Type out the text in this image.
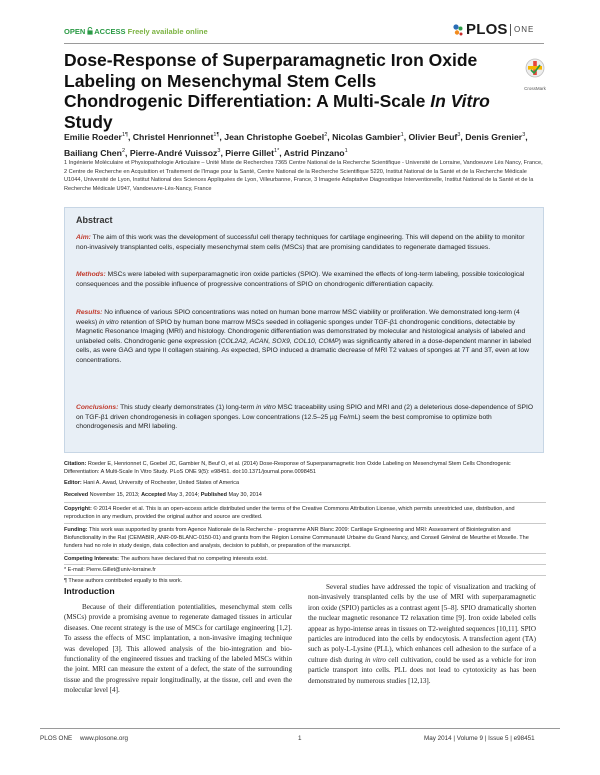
OPEN ACCESS Freely available online	PLOS ONE
Dose-Response of Superparamagnetic Iron Oxide Labeling on Mesenchymal Stem Cells Chondrogenic Differentiation: A Multi-Scale In Vitro Study
CrossMark
Emilie Roeder$^{1\P}$, Christel Henrionnet$^{1\P}$, Jean Christophe Goebel$^2$, Nicolas Gambier$^1$, Olivier Beuf$^3$, Denis Grenier$^3$, Bailiang Chen$^2$, Pierre-André Vuissoz$^3$, Pierre Gillet$^{1*}$, Astrid Pinzano$^1$
1 Ingénierie Moléculaire et Physiopathologie Articulaire – Unité Mixte de Recherches 7365 Centre National de la Recherche Scientifique - Université de Lorraine, Vandoeuvre Lès Nancy, France, 2 Centre de Recherche en Acquisition et Traitement de l'Image pour la Santé, Centre National de la Recherche Scientifique 5220, Institut National de la Santé et de la Recherche Médicale U1044, Université de Lyon, Institut National des Sciences Appliquées de Lyon, Villeurbanne, France, 3 Imagerie Adaptative Diagnostique Interventionelle, Institut National de la Santé et de la Recherche Médicale U947, Vandoeuvre-Lès-Nancy, France
Abstract

Aim: The aim of this work was the development of successful cell therapy techniques for cartilage engineering. This will depend on the ability to monitor non-invasively transplanted cells, especially mesenchymal stem cells (MSCs) that are promising candidates to regenerate damaged tissues.

Methods: MSCs were labeled with superparamagnetic iron oxide particles (SPIO). We examined the effects of long-term labeling, possible toxicological consequences and the possible influence of progressive concentrations of SPIO on chondrogenic differentiation capacity.

Results: No influence of various SPIO concentrations was noted on human bone marrow MSC viability or proliferation. We demonstrated long-term (4 weeks) in vitro retention of SPIO by human bone marrow MSCs seeded in collagenic sponges under TGF-β1 chondrogenic conditions, detectable by Magnetic Resonance Imaging (MRI) and histology. Chondrogenic differentiation was demonstrated by molecular and histological analysis of labeled and unlabeled cells. Chondrogenic gene expression (COL2A2, ACAN, SOX9, COL10, COMP) was significantly altered in a dose-dependent manner in labeled cells, as were GAG and type II collagen staining. As expected, SPIO induced a dramatic decrease of MRI T2 values of sponges at 7T and 3T, even at low concentrations.

Conclusions: This study clearly demonstrates (1) long-term in vitro MSC traceability using SPIO and MRI and (2) a deleterious dose-dependence of SPIO on TGF-β1 driven chondrogenesis in collagen sponges. Low concentrations (12.5–25 µg Fe/mL) seem the best compromise to optimize both chondrogenesis and MRI labeling.

Citation: Roeder E, Henrionnet C, Goebel JC, Gambier N, Beuf O, et al. (2014) Dose-Response of Superparamagnetic Iron Oxide Labeling on Mesenchymal Stem Cells Chondrogenic Differentiation: A Multi-Scale In Vitro Study. PLoS ONE 9(5): e98451. doi:10.1371/journal.pone.0098451

Editor: Hani A. Awad, University of Rochester, United States of America

Received November 15, 2013; Accepted May 3, 2014; Published May 30, 2014

Copyright: © 2014 Roeder et al. This is an open-access article distributed under the terms of the Creative Commons Attribution License, which permits unrestricted use, distribution, and reproduction in any medium, provided the original author and source are credited.

Funding: This work was supported by grants from Agence Nationale de la Recherche - programme ANR Blanc 2009: Cartilage Engineering and MRI: Assessment of Biointegration and Biofunctionality in the Rat (CEMABIR, ANR-09-BLANC-0150-01) and grants from the Région Lorraine Communauté Urbaine du Grand Nancy, and Conseil Général de Meurthe et Moselle. The funders had no role in study design, data collection and analysis, decision to publish, or preparation of the manuscript.

Competing Interests: The authors have declared that no competing interests exist.

* E-mail: Pierre.Gillet@univ-lorraine.fr

¶ These authors contributed equally to this work.

Introduction

Because of their differentiation potentialities, mesenchymal stem cells (MSCs) provide a promising avenue to regenerate damaged tissues in articular diseases. One recent strategy is the use of MSCs for cartilage engineering [1,2]. To assess the effects of MSC implantation, a non-invasive imaging technique was developed [3]. This allowed analysis of the bio-integration and bio-functionality of the engineered tissues and tracking of the labeled MSCs within the joint. MRI can measure the extent of a defect, the state of the surrounding tissue and the progressive repair longitudinally, at the tissue, cell and even the molecular level [4].

Several studies have addressed the topic of visualization and tracking of non-invasively transplanted cells by the use of MRI with superparamagnetic iron oxide (SPIO) particles as a contrast agent [5–8]. SPIO dramatically shorten the nuclear magnetic resonance T2 relaxation time [9]. Iron oxide labeled cells appear as hypo-intense areas in tissues on T2-weighted sequences [10,11]. SPIO particles are introduced into the cells by endocytosis. A transfection agent (TA) such as poly-L-Lysine (PLL), which enhances cell adhesion to the surface of a culture dish during in vitro cell cultivation, could be used as a vehicle for iron particle transport into cells. PLL does not lead to cytotoxicity as has been demonstrated by numerous studies [12,13].

PLOS ONE www.plosone.org	1	May 2014 | Volume 9 | Issue 5 | e98451
